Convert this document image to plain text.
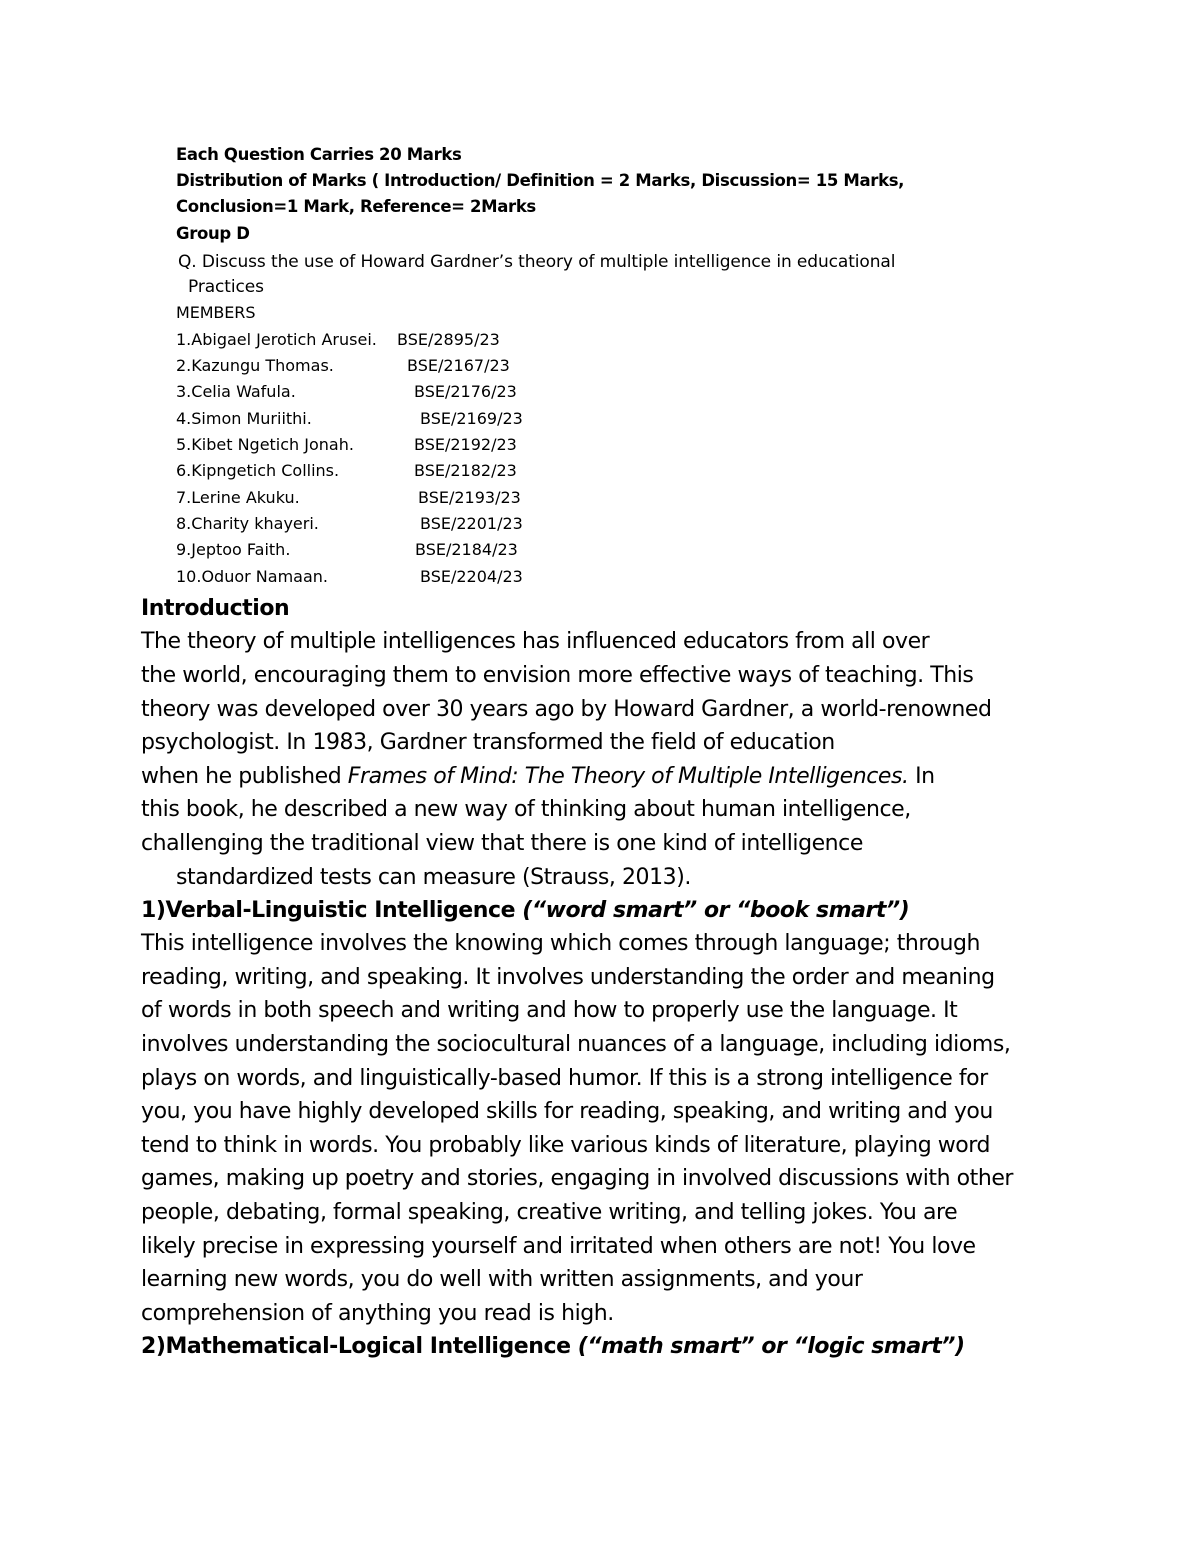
Each Question Carries 20 Marks
Distribution of Marks ( Introduction/ Definition = 2 Marks, Discussion= 15 Marks,
Conclusion=1 Mark, Reference= 2Marks
Group D
Q. Discuss the use of Howard Gardner’s theory of multiple intelligence in educational
Practices
MEMBERS
1.Abigael Jerotich Arusei. BSE/2895/23
2.Kazungu Thomas.	BSE/2167/23
3.Celia Wafula.	BSE/2176/23
4.Simon Muriithi.	BSE/2169/23
5.Kibet Ngetich Jonah.	BSE/2192/23
6.Kipngetich Collins.	BSE/2182/23
7.Lerine Akuku.	BSE/2193/23
8.Charity khayeri.	BSE/2201/23
9.Jeptoo Faith.	BSE/2184/23
10.Oduor Namaan.	BSE/2204/23
Introduction
The theory of multiple intelligences has influenced educators from all over
the world, encouraging them to envision more effective ways of teaching. This
theory was developed over 30 years ago by Howard Gardner, a world-renowned
psychologist. In 1983, Gardner transformed the field of education
when he published Frames of Mind: The Theory of Multiple Intelligences. In
this book, he described a new way of thinking about human intelligence,
challenging the traditional view that there is one kind of intelligence
standardized tests can measure (Strauss, 2013).
1)Verbal-Linguistic Intelligence (“word smart” or “book smart”)
This intelligence involves the knowing which comes through language; through
reading, writing, and speaking. It involves understanding the order and meaning
of words in both speech and writing and how to properly use the language. It
involves understanding the sociocultural nuances of a language, including idioms,
plays on words, and linguistically-based humor. If this is a strong intelligence for
you, you have highly developed skills for reading, speaking, and writing and you
tend to think in words. You probably like various kinds of literature, playing word
games, making up poetry and stories, engaging in involved discussions with other
people, debating, formal speaking, creative writing, and telling jokes. You are
likely precise in expressing yourself and irritated when others are not! You love
learning new words, you do well with written assignments, and your
comprehension of anything you read is high.
2)Mathematical-Logical Intelligence (“math smart” or “logic smart”)
